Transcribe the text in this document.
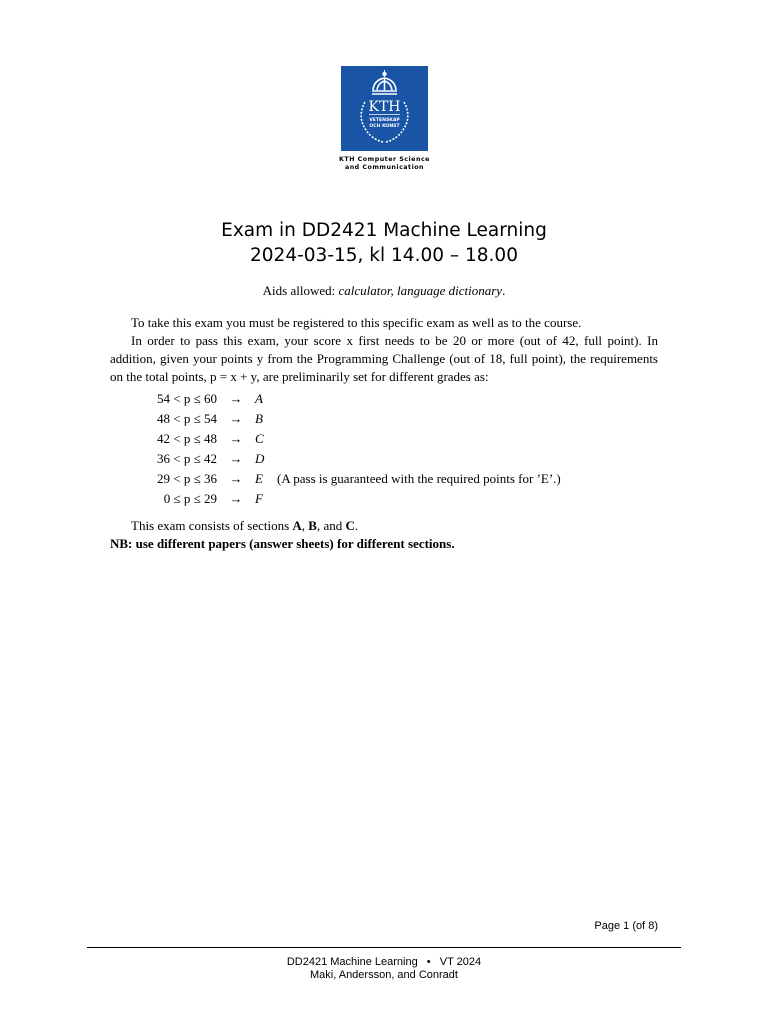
KTH
VETENSKAP
OCH KONST
KTH Computer Science
and Communication
Exam in DD2421 Machine Learning
2024-03-15, kl 14.00 – 18.00
Aids allowed: calculator, language dictionary.
To take this exam you must be registered to this specific exam as well as to the course.
In order to pass this exam, your score x first needs to be 20 or more (out of 42, full point). In addition, given your points y from the Programming Challenge (out of 18, full point), the requirements on the total points, p = x + y, are preliminarily set for different grades as:
54 < p ≤ 60 → A
48 < p ≤ 54 → B
42 < p ≤ 48 → C
36 < p ≤ 42 → D
29 < p ≤ 36 → E (A pass is guaranteed with the required points for ’E’.)
0 ≤ p ≤ 29 → F
This exam consists of sections A, B, and C.
NB: use different papers (answer sheets) for different sections.
Page 1 (of 8)
DD2421 Machine Learning • VT 2024
Maki, Andersson, and Conradt
